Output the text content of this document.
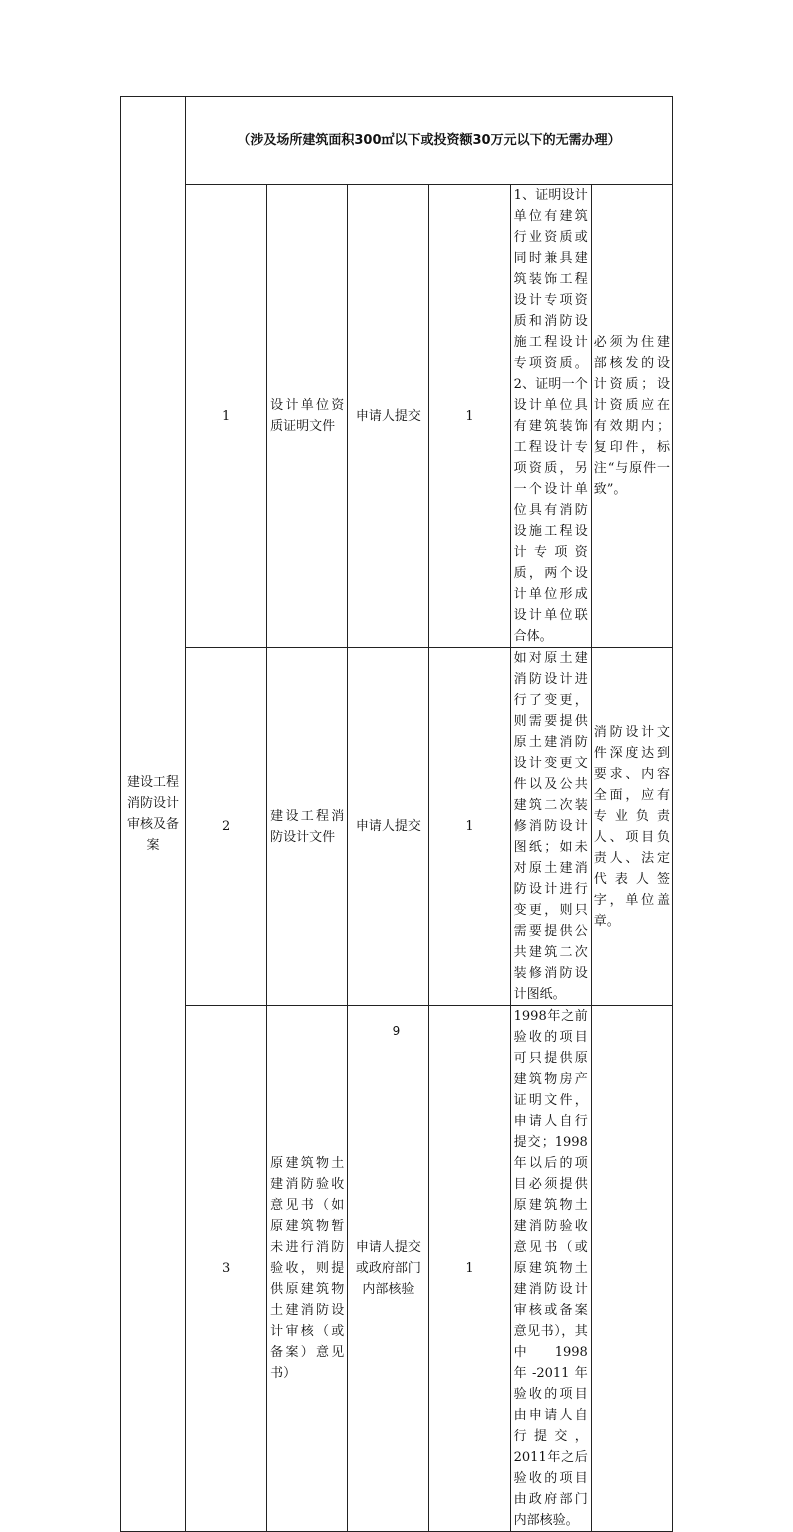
建设工程消防设计审核及备案	（涉及场所建筑面积300㎡以下或投资额30万元以下的无需办理）					
	1	设计单位资质证明文件	申请人提交	1	1、证明设计单位有建筑行业资质或同时兼具建筑装饰工程设计专项资质和消防设施工程设计专项资质。2、证明一个设计单位具有建筑装饰工程设计专项资质，另一个设计单位具有消防设施工程设计专项资质，两个设计单位形成设计单位联合体。	必须为住建部核发的设计资质；设计资质应在有效期内；复印件，标注“与原件一致”。

	2	建设工程消防设计文件	申请人提交	1	如对原土建消防设计进行了变更，则需要提供原土建消防设计变更文件以及公共建筑二次装修消防设计图纸；如未对原土建消防设计进行变更，则只需要提供公共建筑二次装修消防设计图纸。	消防设计文件深度达到要求、内容全面，应有专业负责人、项目负责人、法定代表人签字，单位盖章。

	3	原建筑物土建消防验收意见书（如原建筑物暂未进行消防验收，则提供原建筑物土建消防设计审核（或备案）意见书）	申请人提交或政府部门内部核验	1	1998年之前验收的项目可只提供原建筑物房产证明文件，申请人自行提交；1998年以后的项目必须提供原建筑物土建消防验收意见书（或原建筑物土建消防设计审核或备案意见书），其中1998年-2011年验收的项目由申请人自行提交，2011年之后验收的项目由政府部门内部核验。	

9
